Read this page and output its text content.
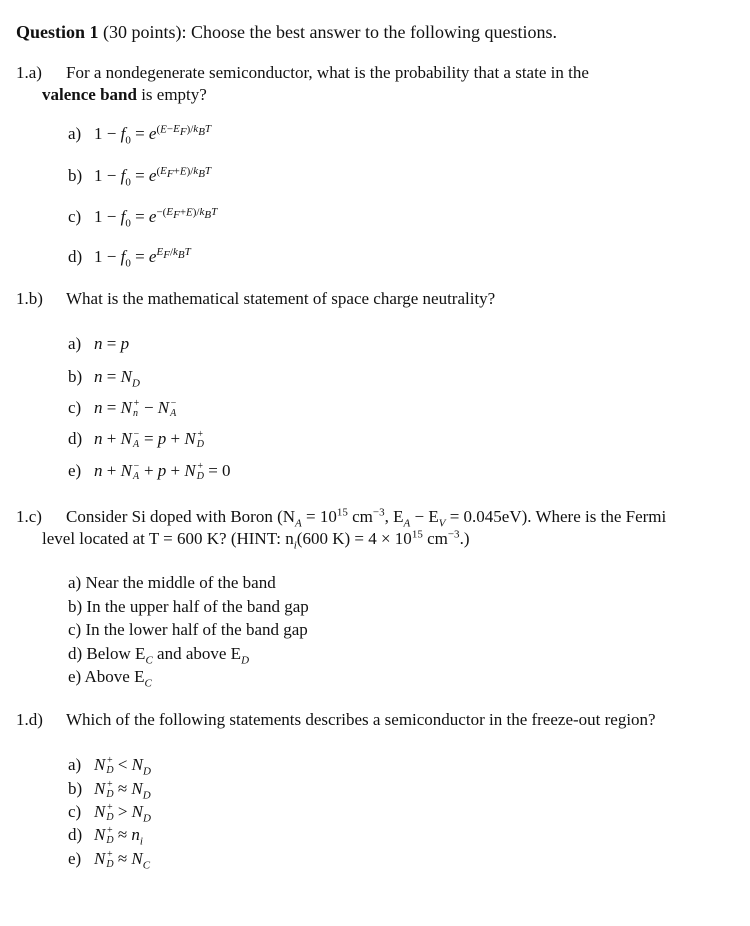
Question 1 (30 points): Choose the best answer to the following questions.
1.a) For a nondegenerate semiconductor, what is the probability that a state in the
valence band is empty?
a) $1 - f_0 = e^{(E-E_F)/k_BT}$
b) $1 - f_0 = e^{(E_F+E)/k_BT}$
c) $1 - f_0 = e^{-(E_F+E)/k_BT}$
d) $1 - f_0 = e^{E_F/k_BT}$
1.b) What is the mathematical statement of space charge neutrality?
a) n = p
b) $n = N_D$
c) n = N +
n − N −
A
d) n + N −
A = p + N +
D
e) n + N −
A + p + N +
D = 0
1.c) Consider Si doped with Boron ($N_A = 10^{15}$ $cm^{-3}$, $E_A - E_V = 0.045eV$). Where is the Fermi
level located at T = 600 K? (HINT: $n_i(600$ $K) = 4 \times 10^{15}$ $cm^{-3}$.)
a) Near the middle of the band
b) In the upper half of the band gap
c) In the lower half of the band gap
d) Below $E_C$ and above $E_D$
e) Above $E_C$
1.d) Which of the following statements describes a semiconductor in the freeze-out region?
a) N +
$D < N_D$
b) N +
$D \approx N_D$
c) N +
$D > N_D$
d) N +
$D \approx n_i$
e) N +
$D \approx N_C$
